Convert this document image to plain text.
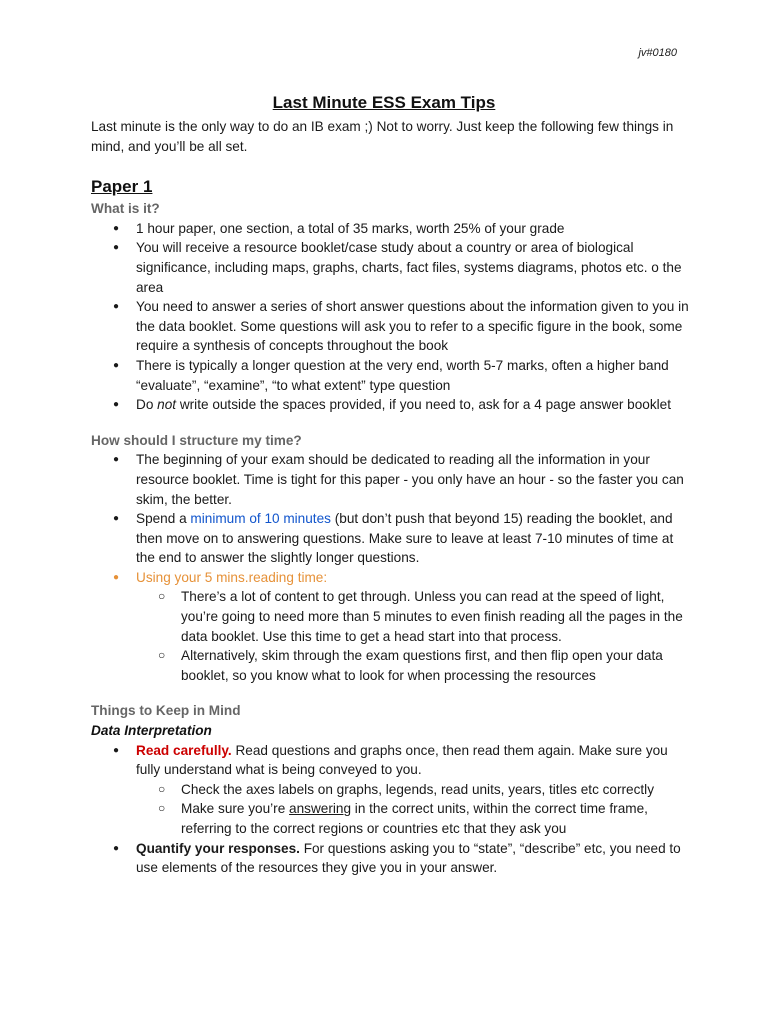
jv#0180
Last Minute ESS Exam Tips

Last minute is the only way to do an IB exam ;) Not to worry. Just keep the following few things in mind, and you’ll be all set.

Paper 1

What is it?

● 1 hour paper, one section, a total of 35 marks, worth 25% of your grade
● You will receive a resource booklet/case study about a country or area of biological significance, including maps, graphs, charts, fact files, systems diagrams, photos etc. o the area
● You need to answer a series of short answer questions about the information given to you in the data booklet. Some questions will ask you to refer to a specific figure in the book, some require a synthesis of concepts throughout the book
● There is typically a longer question at the very end, worth 5-7 marks, often a higher band “evaluate”, “examine”, “to what extent” type question
● Do not write outside the spaces provided, if you need to, ask for a 4 page answer booklet

How should I structure my time?

● The beginning of your exam should be dedicated to reading all the information in your resource booklet. Time is tight for this paper - you only have an hour - so the faster you can skim, the better.
● Spend a minimum of 10 minutes (but don’t push that beyond 15) reading the booklet, and then move on to answering questions. Make sure to leave at least 7-10 minutes of time at the end to answer the slightly longer questions.
● Using your 5 mins.reading time:
○ There’s a lot of content to get through. Unless you can read at the speed of light, you’re going to need more than 5 minutes to even finish reading all the pages in the data booklet. Use this time to get a head start into that process.
○ Alternatively, skim through the exam questions first, and then flip open your data booklet, so you know what to look for when processing the resources

Things to Keep in Mind

Data Interpretation

● Read carefully. Read questions and graphs once, then read them again. Make sure you fully understand what is being conveyed to you.
○ Check the axes labels on graphs, legends, read units, years, titles etc correctly
○ Make sure you’re answering in the correct units, within the correct time frame, referring to the correct regions or countries etc that they ask you
● Quantify your responses. For questions asking you to “state”, “describe” etc, you need to use elements of the resources they give you in your answer.
